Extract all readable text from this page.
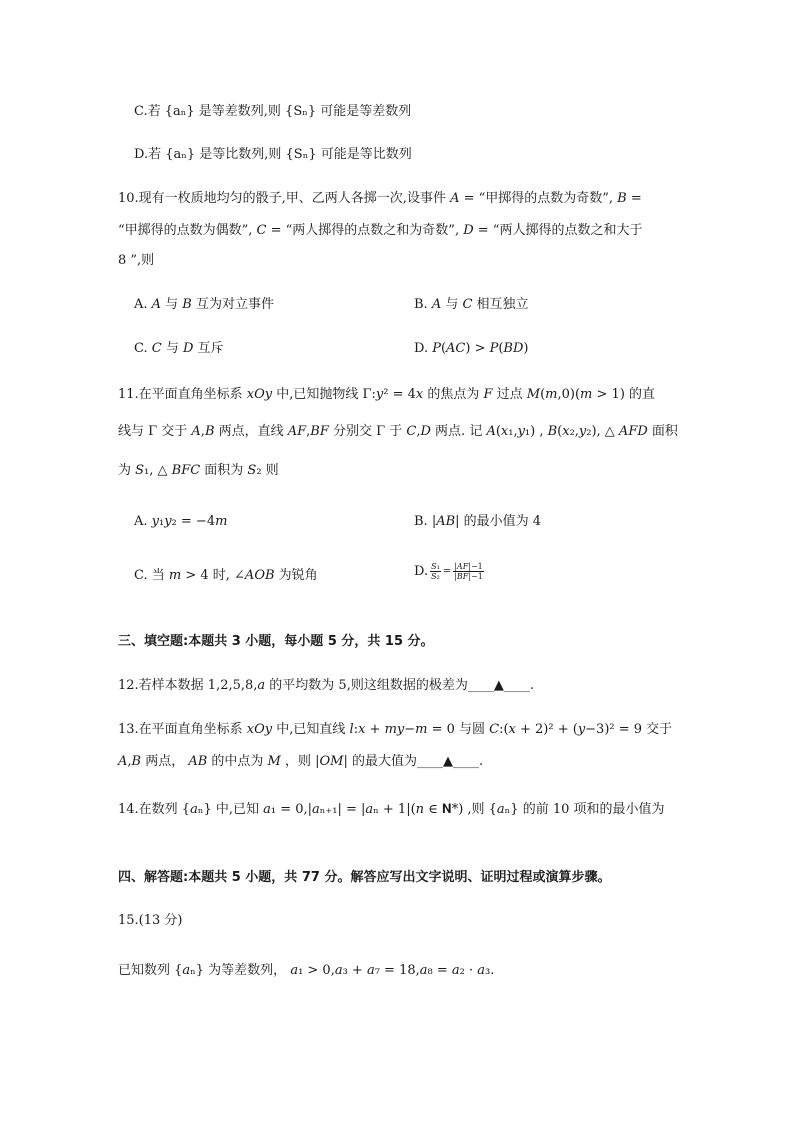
C.若 {aₙ} 是等差数列,则 {Sₙ} 可能是等差数列
D.若 {aₙ} 是等比数列,则 {Sₙ} 可能是等比数列
10.现有一枚质地均匀的骰子,甲、乙两人各掷一次,设事件 𝐴 = “甲掷得的点数为奇数”, 𝐵 =
“甲掷得的点数为偶数”, 𝐶 = “两人掷得的点数之和为奇数”, 𝐷 = “两人掷得的点数之和大于
8 ”,则
A. 𝐴 与 𝐵 互为对立事件	B. 𝐴 与 𝐶 相互独立
C. 𝐶 与 𝐷 互斥	D. 𝑃(𝐴𝐶) > 𝑃(𝐵𝐷)
11.在平面直角坐标系 𝑥𝑂𝑦 中,已知抛物线 Γ:𝑦² = 4𝑥 的焦点为 𝐹 过点 𝑀(𝑚,0)(𝑚 > 1) 的直
线与 Γ 交于 𝐴,𝐵 两点，直线 𝐴𝐹,𝐵𝐹 分别交 Γ 于 𝐶,𝐷 两点. 记 𝐴(𝑥₁,𝑦₁) , 𝐵(𝑥₂,𝑦₂), △ 𝐴𝐹𝐷 面积
为 𝑆₁, △ 𝐵𝐹𝐶 面积为 𝑆₂ 则
A. 𝑦₁𝑦₂ = −4𝑚	B. |𝐴𝐵| 的最小值为 4
C. 当 𝑚 > 4 时, ∠𝐴𝑂𝐵 为锐角	D. $\frac{\text{𝑆₁}}{\text{𝑆₂}} = \frac{\text{|𝐴𝐹|−1}}{\text{|𝐵𝐹|−1}}$
三、填空题:本题共 3 小题，每小题 5 分，共 15 分。
12.若样本数据 1,2,5,8,𝑎 的平均数为 5,则这组数据的极差为____▲____.
13.在平面直角坐标系 𝑥𝑂𝑦 中,已知直线 𝑙:𝑥 + 𝑚𝑦−𝑚 = 0 与圆 𝐶:(𝑥 + 2)² + (𝑦−3)² = 9 交于
𝐴,𝐵 两点， 𝐴𝐵 的中点为 𝑀 ，则 |𝑂𝑀| 的最大值为____▲____.
14.在数列 {𝑎ₙ} 中,已知 𝑎₁ = 0,|𝑎ₙ₊₁| = |𝑎ₙ + 1|(𝑛 ∈ 𝐍*) ,则 {𝑎ₙ} 的前 10 项和的最小值为
四、解答题:本题共 5 小题，共 77 分。解答应写出文字说明、证明过程或演算步骤。
15.(13 分)
已知数列 {𝑎ₙ} 为等差数列， 𝑎₁ > 0,𝑎₃ + 𝑎₇ = 18,𝑎₈ = 𝑎₂ · 𝑎₃.
